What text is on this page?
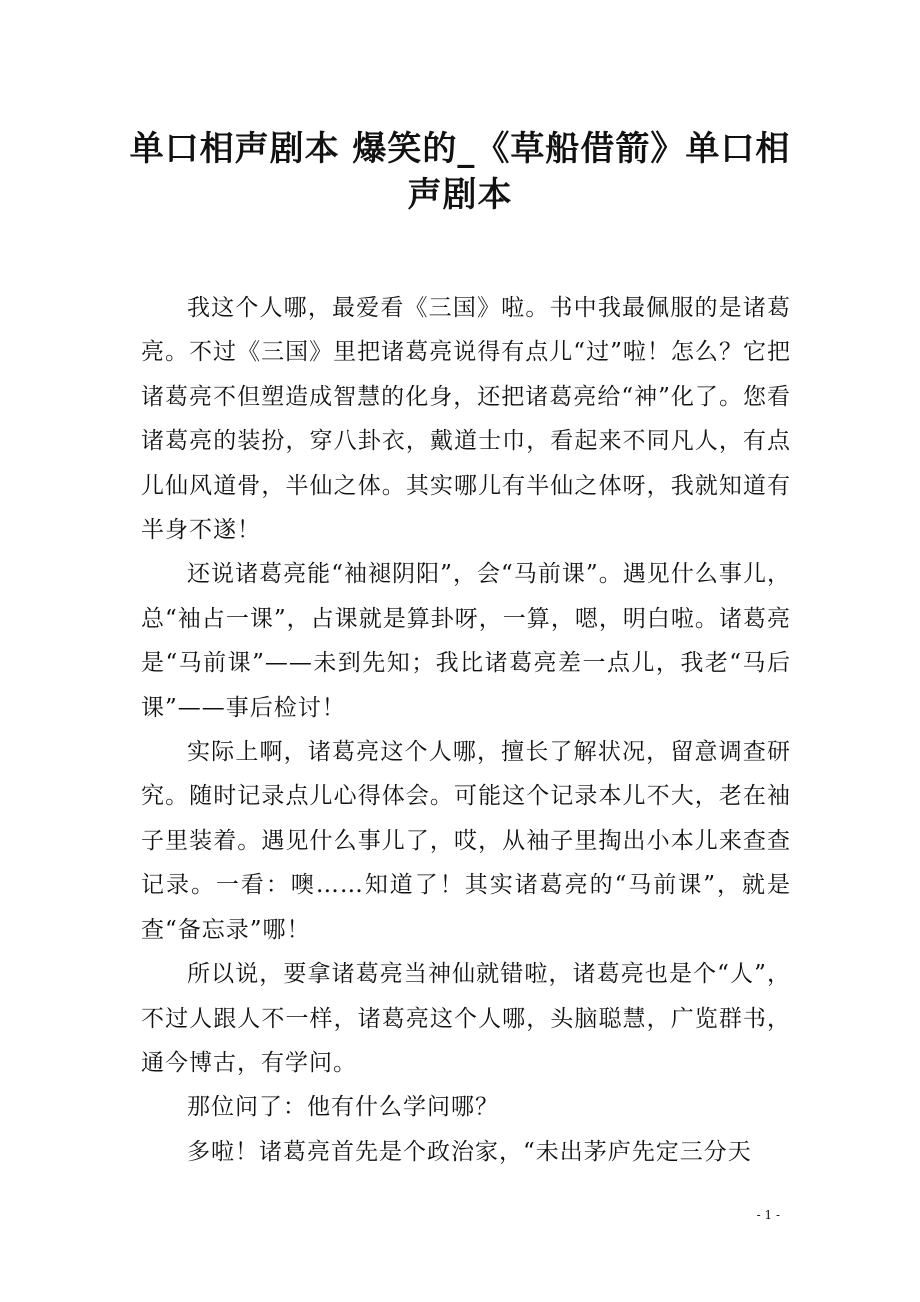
单口相声剧本 爆笑的_《草船借箭》单口相声剧本

我这个人哪，最爱看《三国》啦。书中我最佩服的是诸葛亮。不过《三国》里把诸葛亮说得有点儿“过”啦！怎么？它把诸葛亮不但塑造成智慧的化身，还把诸葛亮给“神”化了。您看诸葛亮的装扮，穿八卦衣，戴道士巾，看起来不同凡人，有点儿仙风道骨，半仙之体。其实哪儿有半仙之体呀，我就知道有半身不遂！

还说诸葛亮能“袖褪阴阳”，会“马前课”。遇见什么事儿，总“袖占一课”，占课就是算卦呀，一算，嗯，明白啦。诸葛亮是“马前课”——未到先知；我比诸葛亮差一点儿，我老“马后课”——事后检讨！

实际上啊，诸葛亮这个人哪，擅长了解状况，留意调查研究。随时记录点儿心得体会。可能这个记录本儿不大，老在袖子里装着。遇见什么事儿了，哎，从袖子里掏出小本儿来查查记录。一看：噢……知道了！其实诸葛亮的“马前课”，就是查“备忘录”哪！

所以说，要拿诸葛亮当神仙就错啦，诸葛亮也是个“人”，不过人跟人不一样，诸葛亮这个人哪，头脑聪慧，广览群书，通今博古，有学问。

那位问了：他有什么学问哪？

多啦！诸葛亮首先是个政治家，“未出茅庐先定三分天

- 1 -
